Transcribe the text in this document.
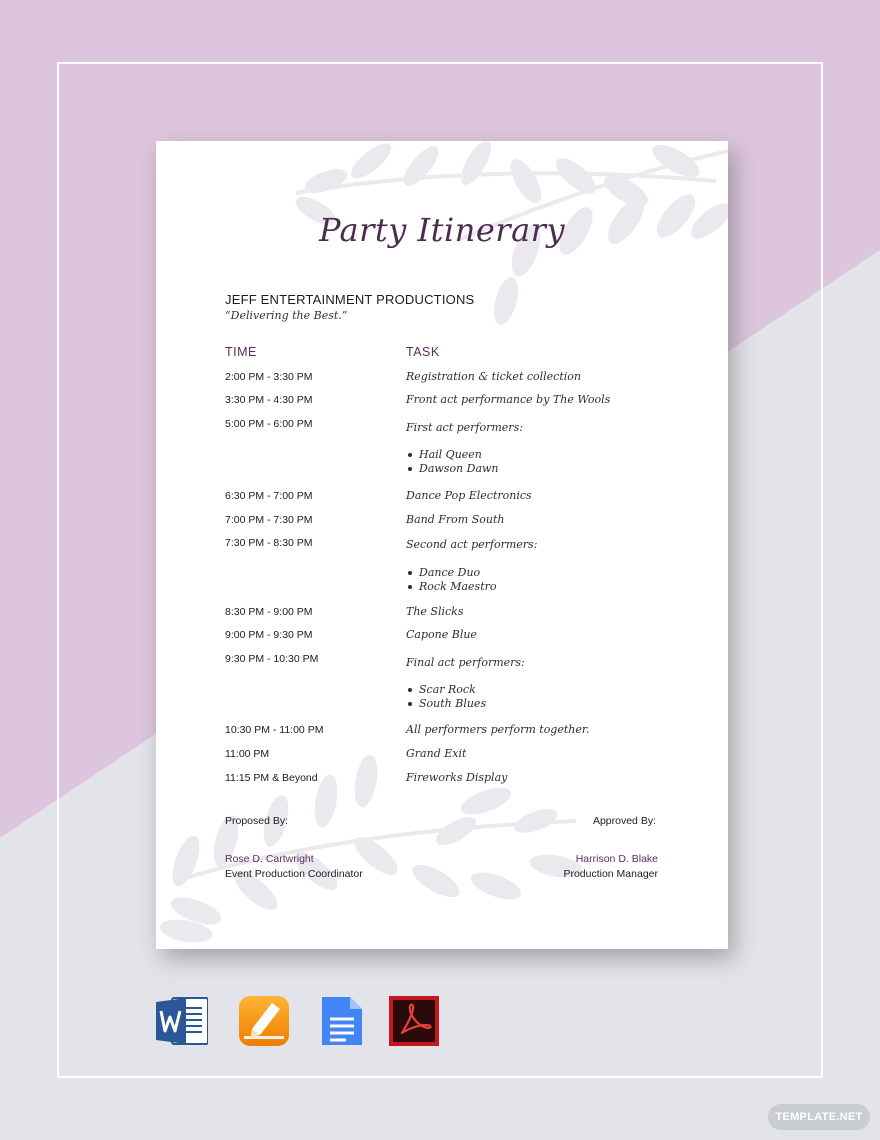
Party Itinerary
JEFF ENTERTAINMENT PRODUCTIONS
“Delivering the Best.”
TIME	TASK
2:00 PM - 3:30 PM	Registration & ticket collection
3:30 PM - 4:30 PM	Front act performance by The Wools
5:00 PM - 6:00 PM	First act performers:
Hail Queen
Dawson Dawn
6:30 PM - 7:00 PM	Dance Pop Electronics
7:00 PM - 7:30 PM	Band From South
7:30 PM - 8:30 PM	Second act performers:
Dance Duo
Rock Maestro
8:30 PM - 9:00 PM	The Slicks
9:00 PM - 9:30 PM	Capone Blue
9:30 PM - 10:30 PM	Final act performers:
Scar Rock
South Blues
10:30 PM - 11:00 PM	All performers perform together.
11:00 PM	Grand Exit
11:15 PM & Beyond	Fireworks Display
Proposed By:
Rose D. Cartwright
Event Production Coordinator
Approved By:
Harrison D. Blake
Production Manager
TEMPLATE.NET
